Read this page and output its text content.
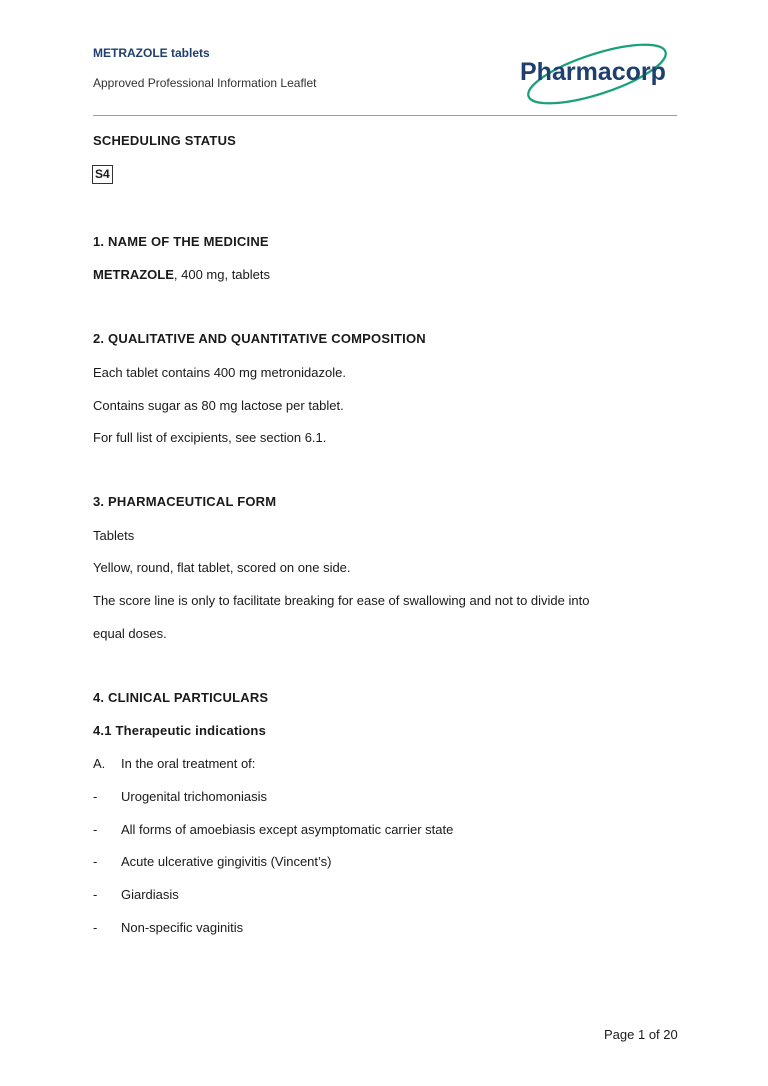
METRAZOLE tablets
Approved Professional Information Leaflet	Pharmacorp
SCHEDULING STATUS
S4
1. NAME OF THE MEDICINE
METRAZOLE, 400 mg, tablets
2. QUALITATIVE AND QUANTITATIVE COMPOSITION
Each tablet contains 400 mg metronidazole.
Contains sugar as 80 mg lactose per tablet.
For full list of excipients, see section 6.1.
3. PHARMACEUTICAL FORM
Tablets
Yellow, round, flat tablet, scored on one side.
The score line is only to facilitate breaking for ease of swallowing and not to divide into
equal doses.
4. CLINICAL PARTICULARS
4.1 Therapeutic indications
A. In the oral treatment of:
- Urogenital trichomoniasis
- All forms of amoebiasis except asymptomatic carrier state
- Acute ulcerative gingivitis (Vincent’s)
- Giardiasis
- Non-specific vaginitis
Page 1 of 20
